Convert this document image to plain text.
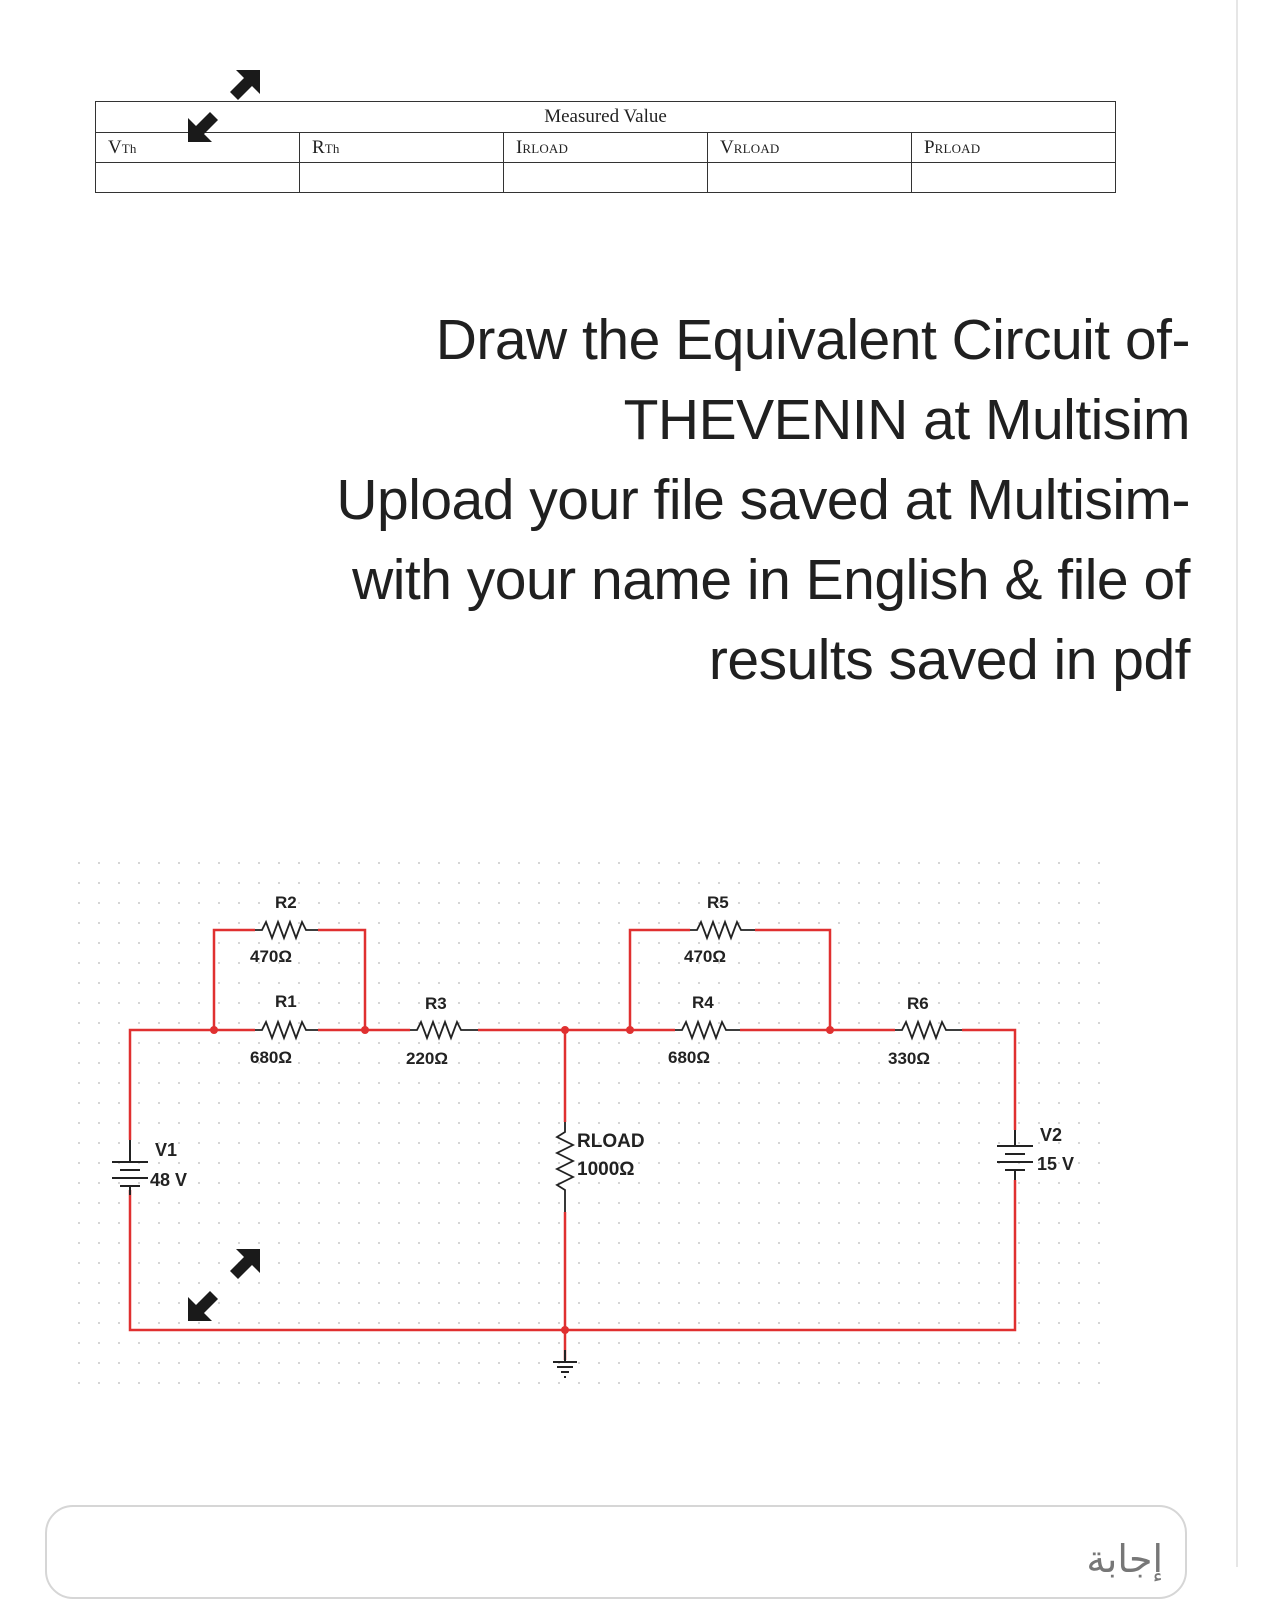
Measured Value				
VTh	RTh	IRLOAD	VRLOAD	PRLOAD

Draw the Equivalent Circuit of-
THEVENIN at Multisim
Upload your file saved at Multisim-
with your name in English & file of
results saved in pdf
R2
470Ω
R1
680Ω
R3
220Ω
R5
470Ω
R4
680Ω
R6
330Ω
RLOAD
1000Ω
V1
48 V
V2
15 V
إجابة
